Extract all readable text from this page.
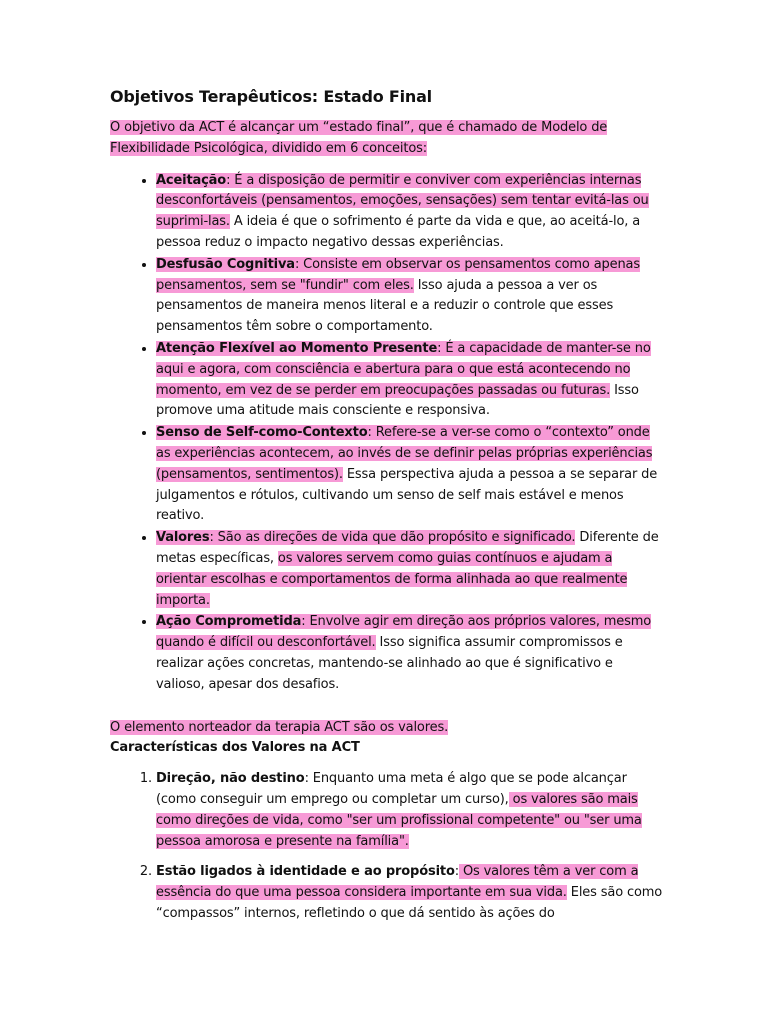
Objetivos Terapêuticos: Estado Final

O objetivo da ACT é alcançar um “estado final”, que é chamado de Modelo de Flexibilidade Psicológica, dividido em 6 conceitos:

• Aceitação: É a disposição de permitir e conviver com experiências internas desconfortáveis (pensamentos, emoções, sensações) sem tentar evitá-las ou suprimi-las. A ideia é que o sofrimento é parte da vida e que, ao aceitá-lo, a pessoa reduz o impacto negativo dessas experiências.
• Desfusão Cognitiva: Consiste em observar os pensamentos como apenas pensamentos, sem se "fundir" com eles. Isso ajuda a pessoa a ver os pensamentos de maneira menos literal e a reduzir o controle que esses pensamentos têm sobre o comportamento.
• Atenção Flexível ao Momento Presente: É a capacidade de manter-se no aqui e agora, com consciência e abertura para o que está acontecendo no momento, em vez de se perder em preocupações passadas ou futuras. Isso promove uma atitude mais consciente e responsiva.
• Senso de Self-como-Contexto: Refere-se a ver-se como o “contexto” onde as experiências acontecem, ao invés de se definir pelas próprias experiências (pensamentos, sentimentos). Essa perspectiva ajuda a pessoa a se separar de julgamentos e rótulos, cultivando um senso de self mais estável e menos reativo.
• Valores: São as direções de vida que dão propósito e significado. Diferente de metas específicas, os valores servem como guias contínuos e ajudam a orientar escolhas e comportamentos de forma alinhada ao que realmente importa.
• Ação Comprometida: Envolve agir em direção aos próprios valores, mesmo quando é difícil ou desconfortável. Isso significa assumir compromissos e realizar ações concretas, mantendo-se alinhado ao que é significativo e valioso, apesar dos desafios.

O elemento norteador da terapia ACT são os valores.

Características dos Valores na ACT

1. Direção, não destino: Enquanto uma meta é algo que se pode alcançar (como conseguir um emprego ou completar um curso), os valores são mais como direções de vida, como "ser um profissional competente" ou "ser uma pessoa amorosa e presente na família".
2. Estão ligados à identidade e ao propósito: Os valores têm a ver com a essência do que uma pessoa considera importante em sua vida. Eles são como “compassos” internos, refletindo o que dá sentido às ações do
